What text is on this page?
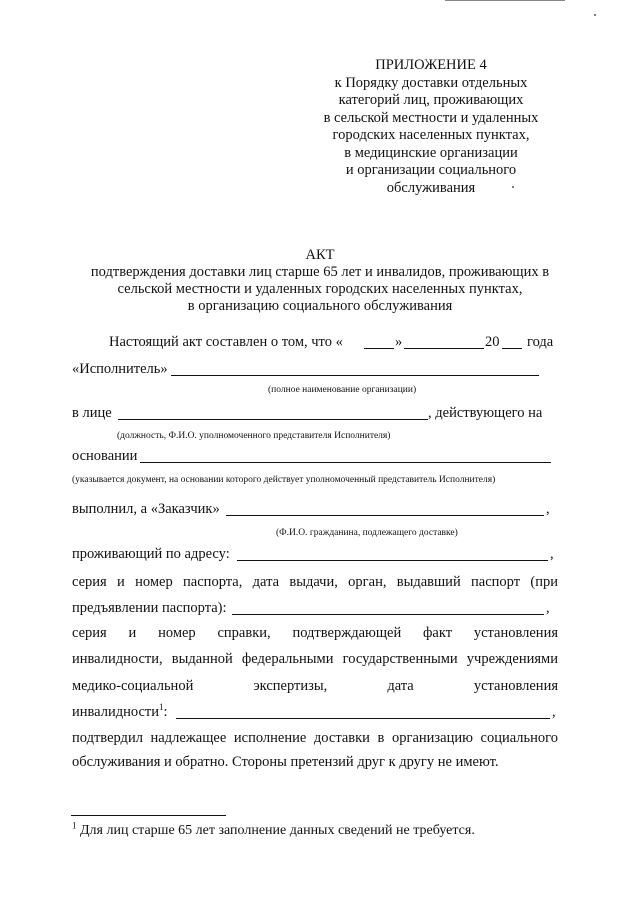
ПРИЛОЖЕНИЕ 4
к Порядку доставки отдельных
категорий лиц, проживающих
в сельской местности и удаленных
городских населенных пунктах,
в медицинские организации
и организации социального
обслуживания
АКТ
подтверждения доставки лиц старше 65 лет и инвалидов, проживающих в
сельской местности и удаленных городских населенных пунктах,
в организацию социального обслуживания
Настоящий акт составлен о том, что «	»	20 года
«Исполнитель»
(полное наименование организации)
в лице	, действующего на
(должность, Ф.И.О. уполномоченного представителя Исполнителя)
основании
(указывается документ, на основании которого действует уполномоченный представитель Исполнителя)
выполнил, а «Заказчик»	,
(Ф.И.О. гражданина, подлежащего доставке)
проживающий по адресу:	,
серия и номер паспорта, дата выдачи, орган, выдавший паспорт (при
предъявлении паспорта):	,
серия и номер справки, подтверждающей факт установления
инвалидности, выданной федеральными государственными учреждениями
медико-социальной экспертизы, дата установления
инвалидности$^1$:	,
подтвердил надлежащее исполнение доставки в организацию социального
обслуживания и обратно. Стороны претензий друг к другу не имеют.
$^1$ Для лиц старше 65 лет заполнение данных сведений не требуется.
